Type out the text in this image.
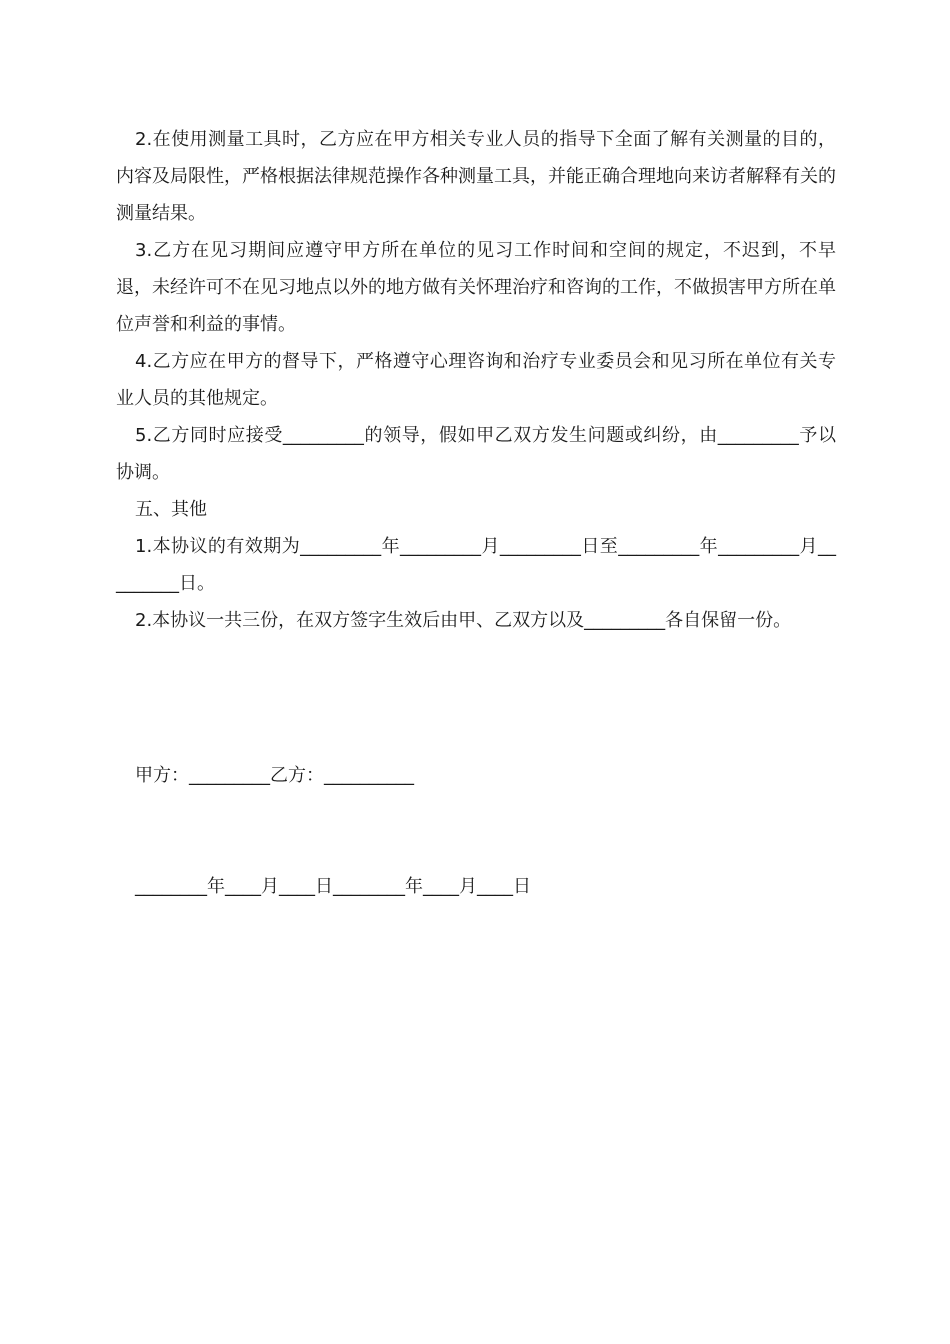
2.在使用测量工具时，乙方应在甲方相关专业人员的指导下全面了解有关测量的目的，内容及局限性，严格根据法律规范操作各种测量工具，并能正确合理地向来访者解释有关的测量结果。

3.乙方在见习期间应遵守甲方所在单位的见习工作时间和空间的规定，不迟到，不早退，未经许可不在见习地点以外的地方做有关怀理治疗和咨询的工作，不做损害甲方所在单位声誉和利益的事情。

4.乙方应在甲方的督导下，严格遵守心理咨询和治疗专业委员会和见习所在单位有关专业人员的其他规定。

5.乙方同时应接受_________的领导，假如甲乙双方发生问题或纠纷，由_________予以协调。

五、其他

1.本协议的有效期为_________年_________月_________日至_________年_________月_________日。

2.本协议一共三份，在双方签字生效后由甲、乙双方以及_________各自保留一份。

甲方：_________乙方：__________

________年____月____日________年____月____日
